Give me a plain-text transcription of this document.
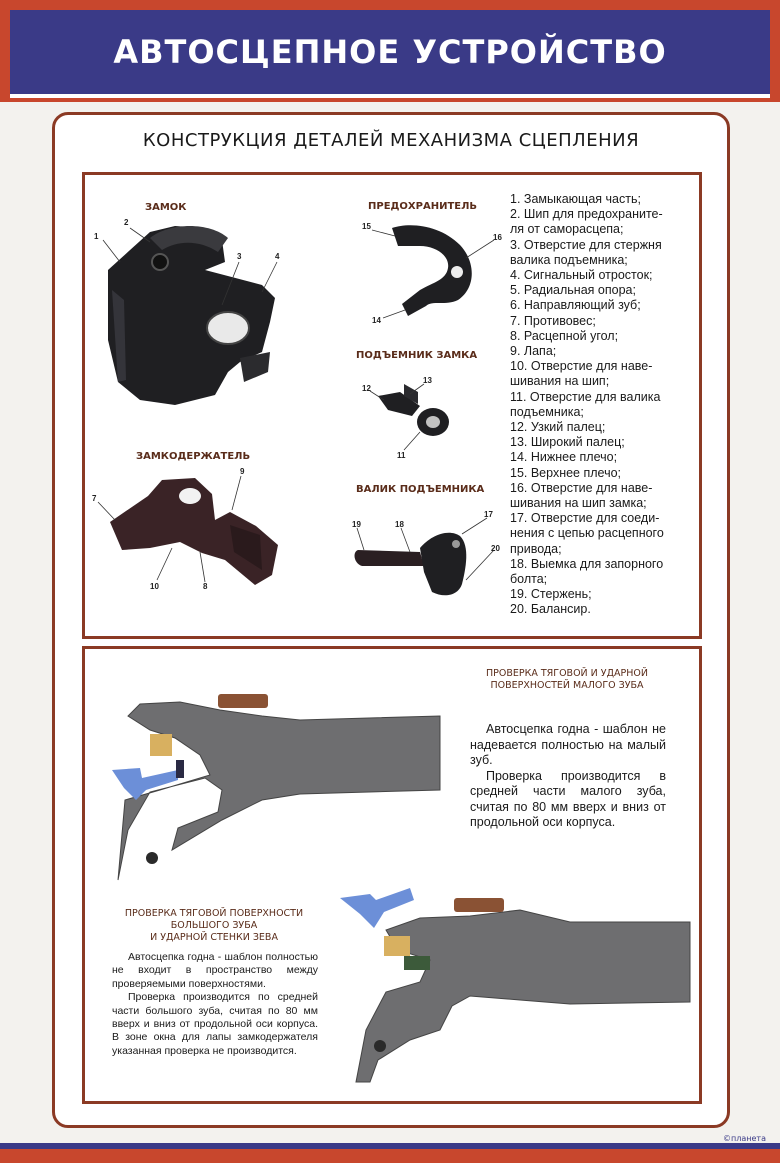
АВТОСЦЕПНОЕ УСТРОЙСТВО
КОНСТРУКЦИЯ ДЕТАЛЕЙ МЕХАНИЗМА СЦЕПЛЕНИЯ
ЗАМОК	ПРЕДОХРАНИТЕЛЬ
ПОДЪЕМНИК ЗАМКА
ЗАМКОДЕРЖАТЕЛЬ
ВАЛИК ПОДЪЕМНИКА
1
2
3	4
15
16
14
13
12
11
7
9
10	8
19	18
17
20
1. Замыкающая часть;
2. Шип для предохраните-
ля от саморасцепа;
3. Отверстие для стержня
валика подъемника;
4. Сигнальный отросток;
5. Радиальная опора;
6. Направляющий зуб;
7. Противовес;
8. Расцепной угол;
9. Лапа;
10. Отверстие для наве-
шивания на шип;
11. Отверстие для валика
подъемника;
12. Узкий палец;
13. Широкий палец;
14. Нижнее плечо;
15. Верхнее плечо;
16. Отверстие для наве-
шивания на шип замка;
17. Отверстие для соеди-
нения с цепью расцепного
привода;
18. Выемка для запорного
болта;
19. Стержень;
20. Балансир.
ПРОВЕРКА ТЯГОВОЙ И УДАРНОЙ
ПОВЕРХНОСТЕЙ МАЛОГО ЗУБА

Автосцепка годна - шаблон не надевается полностью на малый зуб.

Проверка производится в средней части малого зуба, считая по 80 мм вверх и вниз от продольной оси корпуса.

ПРОВЕРКА ТЯГОВОЙ ПОВЕРХНОСТИ
БОЛЬШОГО ЗУБА
И УДАРНОЙ СТЕНКИ ЗЕВА

Автосцепка годна - шаблон полностью не входит в пространство между проверяемыми поверхностями.

Проверка производится по средней части большого зуба, считая по 80 мм вверх и вниз от продольной оси корпуса. В зоне окна для лапы замкодержателя указанная проверка не производится.

©планета
